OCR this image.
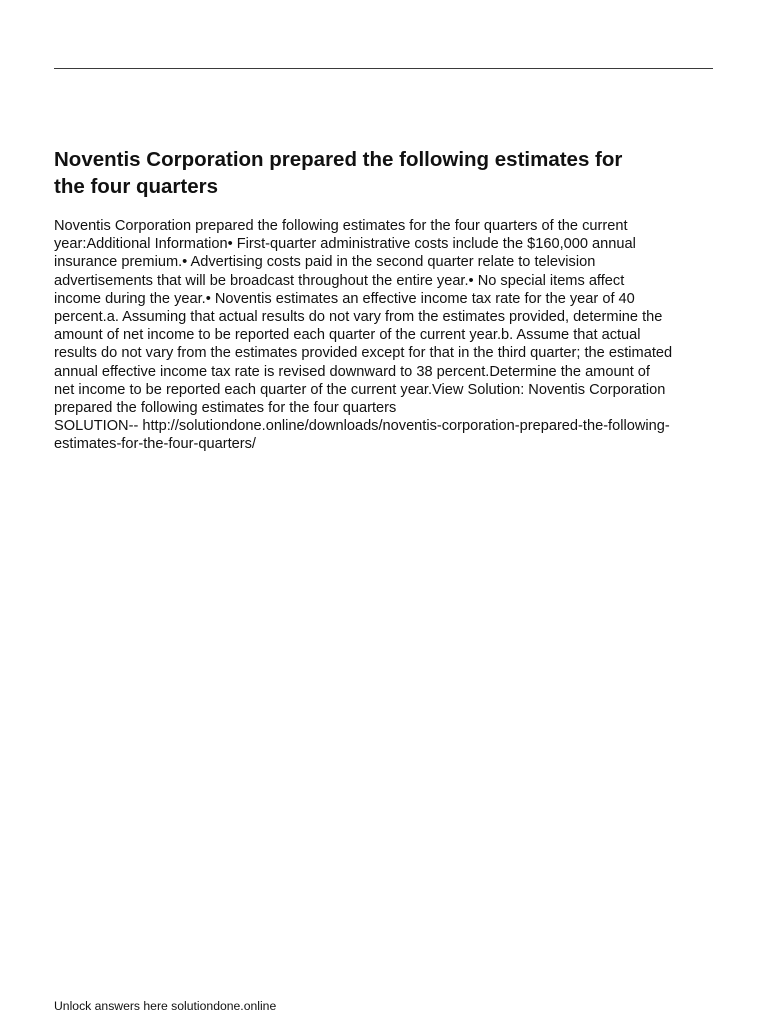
Noventis Corporation prepared the following estimates for
the four quarters
Noventis Corporation prepared the following estimates for the four quarters of the current
year:Additional Information• First-quarter administrative costs include the $160,000 annual
insurance premium.• Advertising costs paid in the second quarter relate to television
advertisements that will be broadcast throughout the entire year.• No special items affect
income during the year.• Noventis estimates an effective income tax rate for the year of 40
percent.a. Assuming that actual results do not vary from the estimates provided, determine the
amount of net income to be reported each quarter of the current year.b. Assume that actual
results do not vary from the estimates provided except for that in the third quarter; the estimated
annual effective income tax rate is revised downward to 38 percent.Determine the amount of
net income to be reported each quarter of the current year.View Solution: Noventis Corporation
prepared the following estimates for the four quarters
SOLUTION-- http://solutiondone.online/downloads/noventis-corporation-prepared-the-following-
estimates-for-the-four-quarters/

Unlock answers here solutiondone.online
